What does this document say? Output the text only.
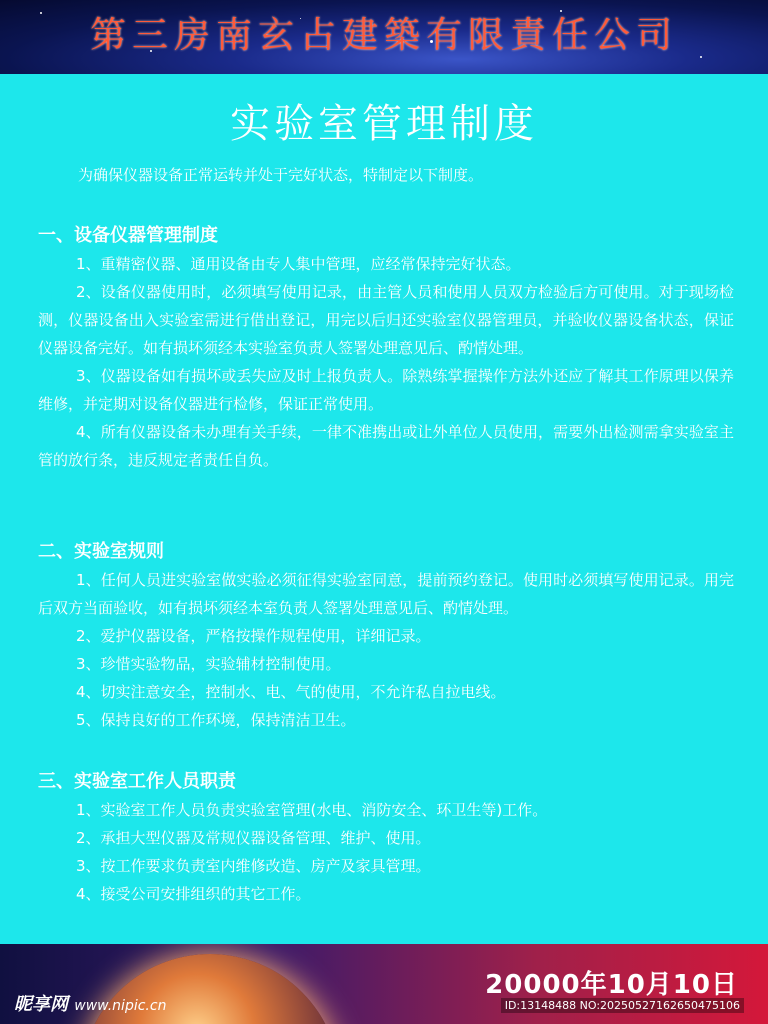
第三房南玄占建築有限責任公司
实验室管理制度
为确保仪器设备正常运转并处于完好状态，特制定以下制度。
一、设备仪器管理制度

1、重精密仪器、通用设备由专人集中管理，应经常保持完好状态。

2、设备仪器使用时，必须填写使用记录，由主管人员和使用人员双方检验后方可使用。对于现场检测，仪器设备出入实验室需进行借出登记，用完以后归还实验室仪器管理员，并验收仪器设备状态，保证仪器设备完好。如有损坏须经本实验室负责人签署处理意见后、酌情处理。

3、仪器设备如有损坏或丢失应及时上报负责人。除熟练掌握操作方法外还应了解其工作原理以保养维修，并定期对设备仪器进行检修，保证正常使用。

4、所有仪器设备未办理有关手续，一律不准携出或让外单位人员使用，需要外出检测需拿实验室主管的放行条，违反规定者责任自负。

二、实验室规则

1、任何人员进实验室做实验必须征得实验室同意，提前预约登记。使用时必须填写使用记录。用完后双方当面验收，如有损坏须经本室负责人签署处理意见后、酌情处理。

2、爱护仪器设备，严格按操作规程使用，详细记录。

3、珍惜实验物品，实验辅材控制使用。

4、切实注意安全，控制水、电、气的使用，不允许私自拉电线。

5、保持良好的工作环境，保持清洁卫生。

三、实验室工作人员职责

1、实验室工作人员负责实验室管理(水电、消防安全、环卫生等)工作。

2、承担大型仪器及常规仪器设备管理、维护、使用。

3、按工作要求负责室内维修改造、房产及家具管理。

4、接受公司安排组织的其它工作。

20000年10月10日
昵享网 www.nipic.cn	ID:13148488 NO:20250527162650475106
